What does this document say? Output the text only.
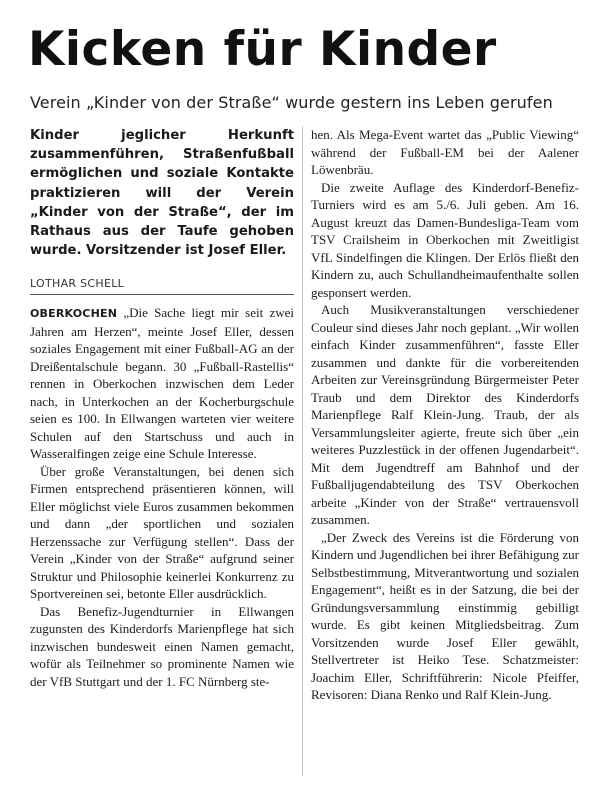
Kicken für Kinder
Verein „Kinder von der Straße“ wurde gestern ins Leben gerufen

Kinder jeglicher Herkunft zusammenführen, Straßenfußball ermöglichen und soziale Kontakte praktizieren will der Verein „Kinder von der Straße“, der im Rathaus aus der Taufe gehoben wurde. Vorsitzender ist Josef Eller.

LOTHAR SCHELL

OBERKOCHEN „Die Sache liegt mir seit zwei Jahren am Herzen“, meinte Josef Eller, dessen soziales Engagement mit einer Fußball-AG an der Dreißentalschule begann. 30 „Fußball-Rastellis“ rennen in Oberkochen inzwischen dem Leder nach, in Unterkochen an der Kocherburgschule seien es 100. In Ellwangen warteten vier weitere Schulen auf den Startschuss und auch in Wasseralfingen zeige eine Schule Interesse.

Über große Veranstaltungen, bei denen sich Firmen entsprechend präsentieren können, will Eller möglichst viele Euros zusammen bekommen und dann „der sportlichen und sozialen Herzenssache zur Verfügung stellen“. Dass der Verein „Kinder von der Straße“ aufgrund seiner Struktur und Philosophie keinerlei Konkurrenz zu Sportvereinen sei, betonte Eller ausdrücklich.

Das Benefiz-Jugendturnier in Ellwangen zugunsten des Kinderdorfs Marienpflege hat sich inzwischen bundesweit einen Namen gemacht, wofür als Teilnehmer so prominente Namen wie der VfB Stuttgart und der 1. FC Nürnberg ste-

hen. Als Mega-Event wartet das „Public Viewing“ während der Fußball-EM bei der Aalener Löwenbräu.

Die zweite Auflage des Kinderdorf-Benefiz-Turniers wird es am 5./6. Juli geben. Am 16. August kreuzt das Damen-Bundesliga-Team vom TSV Crailsheim in Oberkochen mit Zweitligist VfL Sindelfingen die Klingen. Der Erlös fließt den Kindern zu, auch Schullandheimaufenthalte sollen gesponsert werden.

Auch Musikveranstaltungen verschiedener Couleur sind dieses Jahr noch geplant. „Wir wollen einfach Kinder zusammenführen“, fasste Eller zusammen und dankte für die vorbereitenden Arbeiten zur Vereinsgründung Bürgermeister Peter Traub und dem Direktor des Kinderdorfs Marienpflege Ralf Klein-Jung. Traub, der als Versammlungsleiter agierte, freute sich über „ein weiteres Puzzlestück in der offenen Jugendarbeit“. Mit dem Jugendtreff am Bahnhof und der Fußballjugendabteilung des TSV Oberkochen arbeite „Kinder von der Straße“ vertrauensvoll zusammen.

„Der Zweck des Vereins ist die Förderung von Kindern und Jugendlichen bei ihrer Befähigung zur Selbstbestimmung, Mitverantwortung und sozialen Engagement“, heißt es in der Satzung, die bei der Gründungsversammlung einstimmig gebilligt wurde. Es gibt keinen Mitgliedsbeitrag. Zum Vorsitzenden wurde Josef Eller gewählt, Stellvertreter ist Heiko Tese. Schatzmeister: Joachim Eller, Schriftführerin: Nicole Pfeiffer, Revisoren: Diana Renko und Ralf Klein-Jung.
